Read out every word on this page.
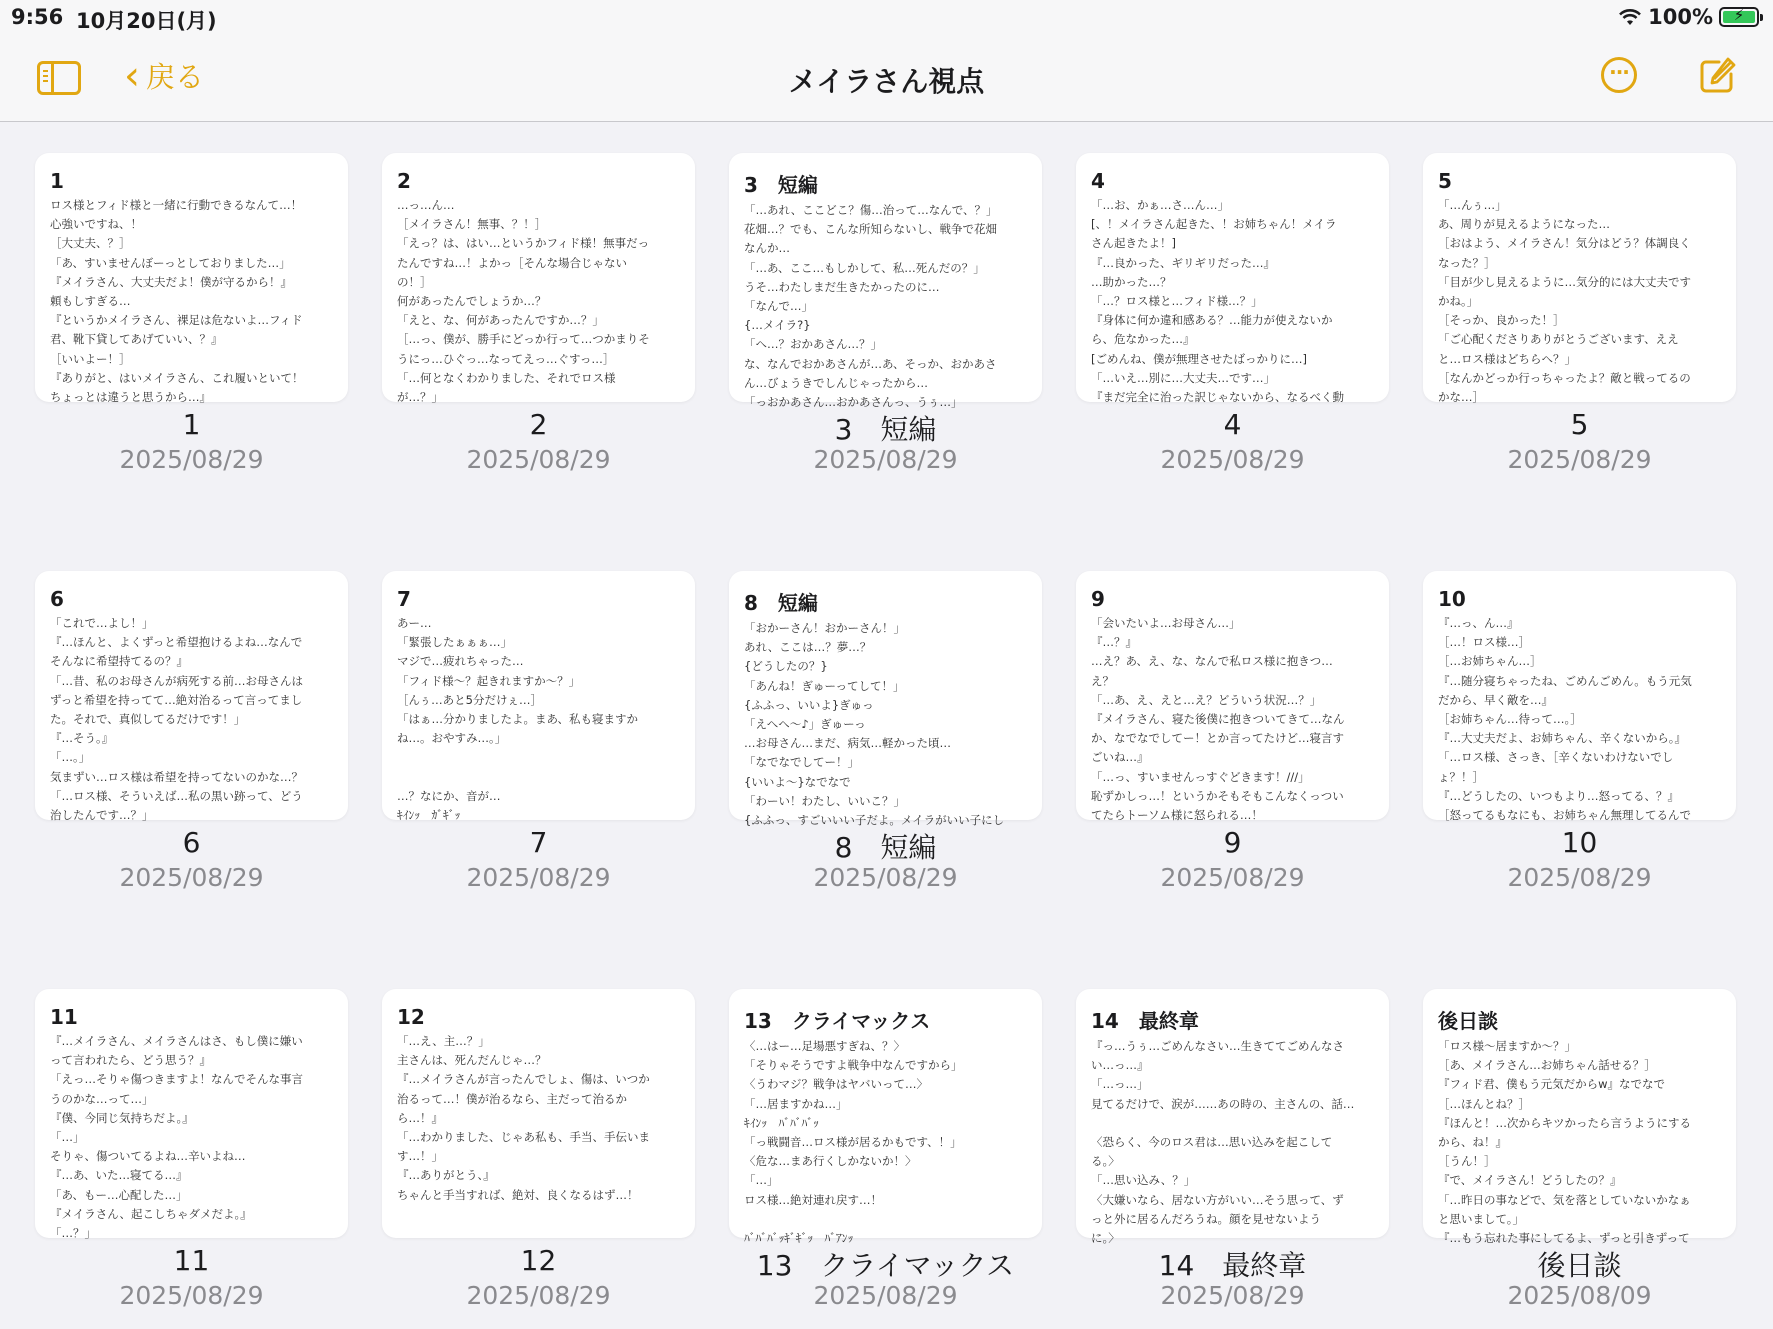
9:56 10月20日(月)	100%	⚡
‹ 戻る	メイラさん視点	···
1
ロス様とフィド様と一緒に行動できるなんて…！
心強いですね、！
［大丈夫、？］
「あ、すいませんぼーっとしておりました…」
『メイラさん、大丈夫だよ！僕が守るから！』
頼もしすぎる…
『というかメイラさん、裸足は危ないよ…フィド
君、靴下貸してあげていい、？』
［いいよー！］
『ありがと、はいメイラさん、これ履いといて！
ちょっとは違うと思うから…』
1
2025/08/29
2
…っ…ん…
［メイラさん！無事、？！］
「えっ？は、はい…というかフィド様！無事だっ
たんですね…！よかっ［そんな場合じゃない
の！］
何があったんでしょうか…？
「えと、な、何があったんですか…？」
［…っ、僕が、勝手にどっか行って…つかまりそ
うにっ…ひぐっ…なってえっ…ぐすっ…］
「…何となくわかりました、それでロス様
が…？」
2
2025/08/29
3　短編
「…あれ、ここどこ？傷…治って…なんで、？」
花畑…？でも、こんな所知らないし、戦争で花畑
なんか…
「…あ、ここ…もしかして、私…死んだの？」
うそ…わたしまだ生きたかったのに…
「なんで…」
{…メイラ?}
「へ…？おかあさん…？」
な、なんでおかあさんが…あ、そっか、おかあさ
ん…びょうきでしんじゃったから…
「っおかあさん…おかあさんっ、うぅ…」
3　短編
2025/08/29
4
「…お、かぁ…さ…ん…」
[、！メイラさん起きた、！お姉ちゃん！メイラ
さん起きたよ！]
『…良かった、ギリギリだった…』
…助かった…？
「…？ロス様と…フィド様…？」
『身体に何か違和感ある？…能力が使えないか
ら、危なかった…』
[ごめんね、僕が無理させたばっかりに…]
「…いえ…別に…大丈夫…です…」
『まだ完全に治った訳じゃないから、なるべく動
4
2025/08/29
5
「…んぅ…」
あ、周りが見えるようになった…
［おはよう、メイラさん！気分はどう？体調良く
なった？］
「目が少し見えるように…気分的には大丈夫です
かね。」
［そっか、良かった！］
「ご心配くださりありがとうございます、ええ
と…ロス様はどちらへ？」
［なんかどっか行っちゃったよ？敵と戦ってるの
かな…］
5
2025/08/29
6
「これで…よし！」
『…ほんと、よくずっと希望抱けるよね…なんで
そんなに希望持てるの？』
「…昔、私のお母さんが病死する前…お母さんは
ずっと希望を持ってて…絶対治るって言ってまし
た。それで、真似してるだけです！」
『…そう。』
「…。」
気まずい…ロス様は希望を持ってないのかな…？
「…ロス様、そういえば…私の黒い跡って、どう
治したんです…？」
6
2025/08/29
7
あー…
「緊張したぁぁぁ…」
マジで…疲れちゃった…
「フィド様〜？起きれますか〜？」
［んぅ…あと5分だけぇ…］
「はぁ…分かりましたよ。まあ、私も寝ますか
ね…。おやすみ…。」

…？なにか、音が…
ｷｲﾝｯ　ｶﾞｷﾞｯ
7
2025/08/29
8　短編
「おかーさん！おかーさん！」
あれ、ここは…？夢…？
{どうしたの？}
「あんね！ぎゅーってして！」
{ふふっ、いいよ}ぎゅっ
「えへへ〜♪」ぎゅーっ
…お母さん…まだ、病気…軽かった頃…
「なでなでしてー！」
{いいよ〜}なでなで
「わーい！わたし、いいこ？」
{ふふっ、すごいいい子だよ。メイラがいい子にし
8　短編
2025/08/29
9
「会いたいよ…お母さん…」
『…？』
…え？あ、え、な、なんで私ロス様に抱きつ…
え？
「…あ、え、えと…え？どういう状況…？」
『メイラさん、寝た後僕に抱きついてきて…なん
か、なでなでしてー！とか言ってたけど…寝言す
ごいね…』
「…っ、すいませんっすぐどきます！///」
恥ずかしっ…！というかそもそもこんなくっつい
てたらトーソム様に怒られる…！
9
2025/08/29
10
『…っ、ん…』
［…！ロス様…］
［…お姉ちゃん…］
『…随分寝ちゃったね、ごめんごめん。もう元気
だから、早く敵を…』
［お姉ちゃん…待って…。］
『…大丈夫だよ、お姉ちゃん、辛くないから。』
「…ロス様、さっき、［辛くないわけないでし
ょ？！］
『…どうしたの、いつもより…怒ってる、？』
［怒ってるもなにも、お姉ちゃん無理してるんで
10
2025/08/29
11
『…メイラさん、メイラさんはさ、もし僕に嫌い
って言われたら、どう思う？』
「えっ…そりゃ傷つきますよ！なんでそんな事言
うのかな…って…」
『僕、今同じ気持ちだよ。』
「…」
そりゃ、傷ついてるよね…辛いよね…
『…あ、いた…寝てる…』
「あ、もー…心配した…」
『メイラさん、起こしちゃダメだよ。』
「…？」
11
2025/08/29
12
「…え、主…？」
主さんは、死んだんじゃ…？
『…メイラさんが言ったんでしょ、傷は、いつか
治るって…！僕が治るなら、主だって治るか
ら…！』
「…わかりました、じゃあ私も、手当、手伝いま
す…！」
『…ありがとう、』
ちゃんと手当すれば、絶対、良くなるはず…！
12
2025/08/29
13　クライマックス
〈…はー…足場悪すぎね、？〉
「そりゃそうですよ戦争中なんですから」
〈うわマジ？戦争はヤバいって…〉
「…居ますかね…」
ｷｲﾝｯ　ﾊﾞﾊﾞﾊﾞｯ
「っ戦闘音…ロス様が居るかもです、！」
〈危な…まあ行くしかないか！〉
「…」
ロス様…絶対連れ戻す…！

ﾊﾞﾊﾞﾊﾞｯｷﾞｷﾞｯ　ﾊﾞｱﾝｯ
13　クライマックス
2025/08/29
14　最終章
『っ…うぅ…ごめんなさい…生きててごめんなさ
い…っ…』
「…っ…」
見てるだけで、涙が……あの時の、主さんの、話…

〈恐らく、今のロス君は…思い込みを起こして
る。〉
「…思い込み、？」
〈大嫌いなら、居ない方がいい…そう思って、ず
っと外に居るんだろうね。顔を見せないよう
に。〉
14　最終章
2025/08/29
後日談
「ロス様〜居ますか〜？」
［あ、メイラさん…お姉ちゃん話せる？］
『フィド君、僕もう元気だからw』なでなで
［…ほんとね？］
『ほんと！…次からキツかったら言うようにする
から、ね！』
［うん！］
『で、メイラさん！どうしたの？』
「…昨日の事などで、気を落としていないかなぁ
と思いまして。」
『…もう忘れた事にしてるよ、ずっと引きずって
後日談
2025/08/09
